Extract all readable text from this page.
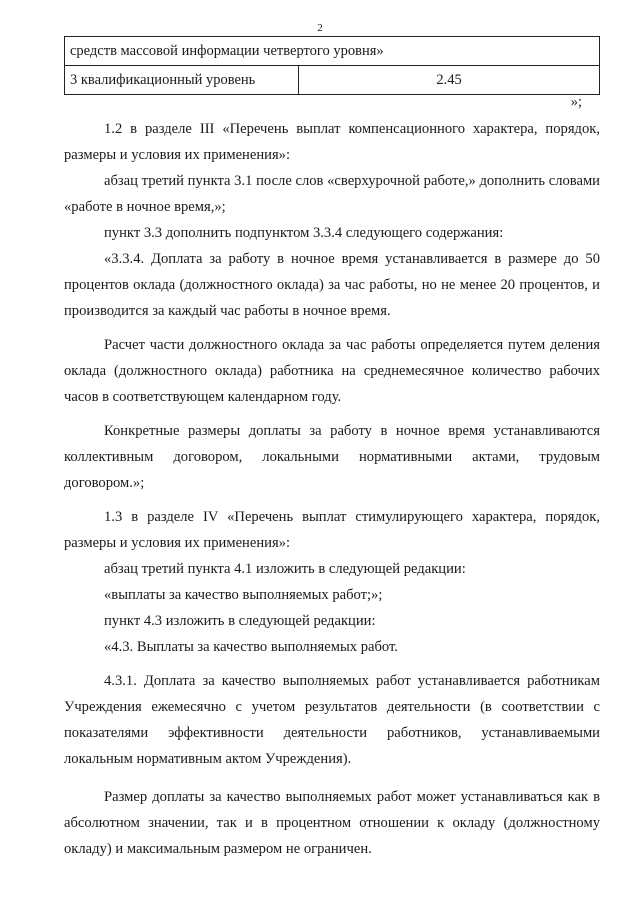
2
средств массовой информации четвертого уровня»
3 квалификационный уровень	2.45
»;

1.2 в разделе III «Перечень выплат компенсационного характера, порядок, размеры и условия их применения»:

абзац третий пункта 3.1 после слов «сверхурочной работе,» дополнить словами «работе в ночное время,»;

пункт 3.3 дополнить подпунктом 3.3.4 следующего содержания:

«3.3.4. Доплата за работу в ночное время устанавливается в размере до 50 процентов оклада (должностного оклада) за час работы, но не менее 20 процентов, и производится за каждый час работы в ночное время.

Расчет части должностного оклада за час работы определяется путем деления оклада (должностного оклада) работника на среднемесячное количество рабочих часов в соответствующем календарном году.

Конкретные размеры доплаты за работу в ночное время устанавливаются коллективным договором, локальными нормативными актами, трудовым договором.»;

1.3 в разделе IV «Перечень выплат стимулирующего характера, порядок, размеры и условия их применения»:

абзац третий пункта 4.1 изложить в следующей редакции:

«выплаты за качество выполняемых работ;»;

пункт 4.3 изложить в следующей редакции:

«4.3. Выплаты за качество выполняемых работ.

4.3.1. Доплата за качество выполняемых работ устанавливается работникам Учреждения ежемесячно с учетом результатов деятельности (в соответствии с показателями эффективности деятельности работников, устанавливаемыми локальным нормативным актом Учреждения).

Размер доплаты за качество выполняемых работ может устанавливаться как в абсолютном значении, так и в процентном отношении к окладу (должностному окладу) и максимальным размером не ограничен.
